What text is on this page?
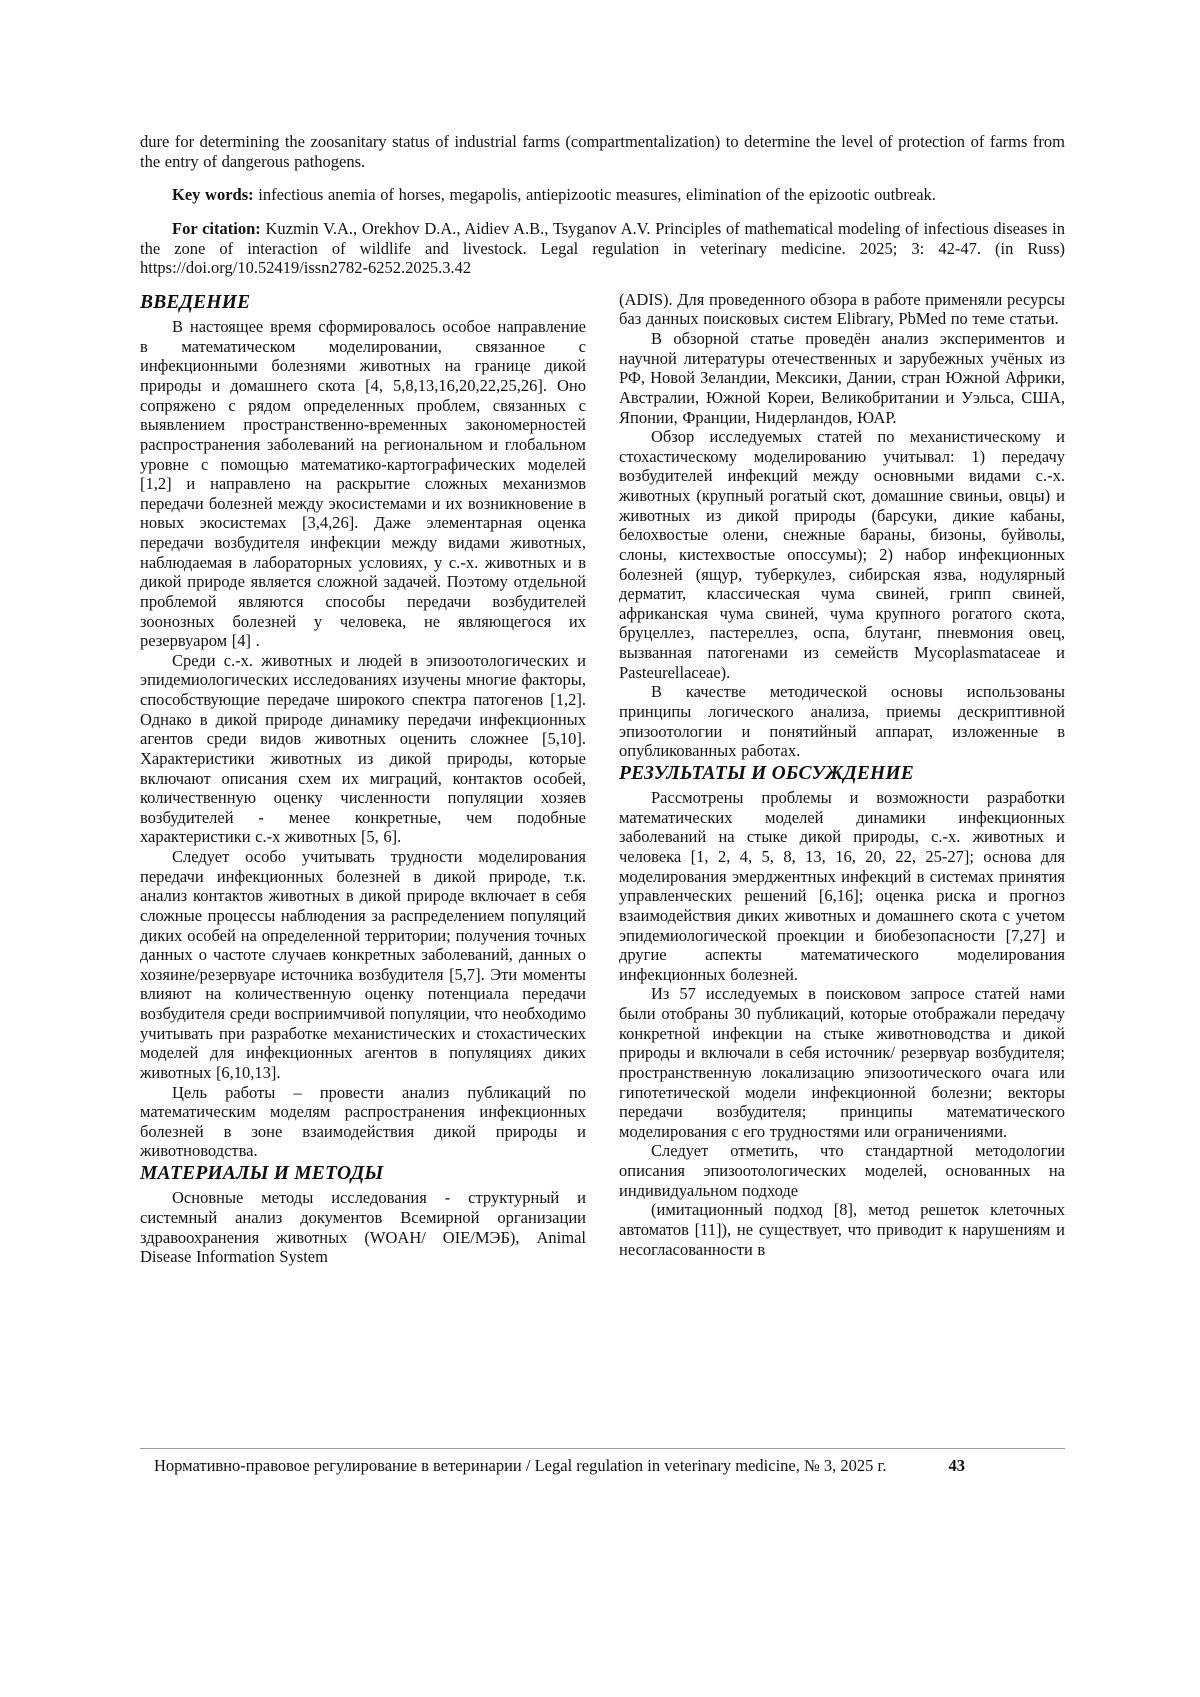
dure for determining the zoosanitary status of industrial farms (compartmentalization) to determine the level of protection of farms from the entry of dangerous pathogens.

Key words: infectious anemia of horses, megapolis, antiepizootic measures, elimination of the epizootic outbreak.

For citation: Kuzmin V.A., Orekhov D.A., Aidiev A.B., Tsyganov A.V. Principles of mathematical modeling of infectious diseases in the zone of interaction of wildlife and livestock. Legal regulation in veterinary medicine. 2025; 3: 42-47. (in Russ) https://doi.org/10.52419/issn2782-6252.2025.3.42

ВВЕДЕНИЕ

В настоящее время сформировалось особое направление в математическом моделировании, связанное с инфекционными болезнями животных на границе дикой природы и домашнего скота [4, 5,8,13,16,20,22,25,26]. Оно сопряжено с рядом определенных проблем, связанных с выявлением пространственно-временных закономерностей распространения заболеваний на региональном и глобальном уровне с помощью математико-картографических моделей [1,2] и направлено на раскрытие сложных механизмов передачи болезней между экосистемами и их возникновение в новых экосистемах [3,4,26]. Даже элементарная оценка передачи возбудителя инфекции между видами животных, наблюдаемая в лабораторных условиях, у с.-х. животных и в дикой природе является сложной задачей. Поэтому отдельной проблемой являются способы передачи возбудителей зоонозных болезней у человека, не являющегося их резервуаром [4] .

Среди с.-х. животных и людей в эпизоотологических и эпидемиологических исследованиях изучены многие факторы, способствующие передаче широкого спектра патогенов [1,2]. Однако в дикой природе динамику передачи инфекционных агентов среди видов животных оценить сложнее [5,10]. Характеристики животных из дикой природы, которые включают описания схем их миграций, контактов особей, количественную оценку численности популяции хозяев возбудителей - менее конкретные, чем подобные характеристики с.-х животных [5, 6].

Следует особо учитывать трудности моделирования передачи инфекционных болезней в дикой природе, т.к. анализ контактов животных в дикой природе включает в себя сложные процессы наблюдения за распределением популяций диких особей на определенной территории; получения точных данных о частоте случаев конкретных заболеваний, данных о хозяине/резервуаре источника возбудителя [5,7]. Эти моменты влияют на количественную оценку потенциала передачи возбудителя среди восприимчивой популяции, что необходимо учитывать при разработке механистических и стохастических моделей для инфекционных агентов в популяциях диких животных [6,10,13].

Цель работы – провести анализ публикаций по математическим моделям распространения инфекционных болезней в зоне взаимодействия дикой природы и животноводства.

МАТЕРИАЛЫ И МЕТОДЫ

Основные методы исследования - структурный и системный анализ документов Всемирной организации здравоохранения животных (WOAH/ OIE/МЭБ), Animal Disease Information System

(ADIS). Для проведенного обзора в работе применяли ресурсы баз данных поисковых систем Elibrary, PbMed по теме статьи.

В обзорной статье проведён анализ экспериментов и научной литературы отечественных и зарубежных учёных из РФ, Новой Зеландии, Мексики, Дании, стран Южной Африки, Австралии, Южной Кореи, Великобритании и Уэльса, США, Японии, Франции, Нидерландов, ЮАР.

Обзор исследуемых статей по механистическому и стохастическому моделированию учитывал: 1) передачу возбудителей инфекций между основными видами с.-х. животных (крупный рогатый скот, домашние свиньи, овцы) и животных из дикой природы (барсуки, дикие кабаны, белохвостые олени, снежные бараны, бизоны, буйволы, слоны, кистехвостые опоссумы); 2) набор инфекционных болезней (ящур, туберкулез, сибирская язва, нодулярный дерматит, классическая чума свиней, грипп свиней, африканская чума свиней, чума крупного рогатого скота, бруцеллез, пастереллез, оспа, блутанг, пневмония овец, вызванная патогенами из семейств Mycoplasmataceae и Pasteurellaceae).

В качестве методической основы использованы принципы логического анализа, приемы дескриптивной эпизоотологии и понятийный аппарат, изложенные в опубликованных работах.

РЕЗУЛЬТАТЫ И ОБСУЖДЕНИЕ

Рассмотрены проблемы и возможности разработки математических моделей динамики инфекционных заболеваний на стыке дикой природы, с.-х. животных и человека [1, 2, 4, 5, 8, 13, 16, 20, 22, 25-27]; основа для моделирования эмерджентных инфекций в системах принятия управленческих решений [6,16]; оценка риска и прогноз взаимодействия диких животных и домашнего скота с учетом эпидемиологической проекции и биобезопасности [7,27] и другие аспекты математического моделирования инфекционных болезней.

Из 57 исследуемых в поисковом запросе статей нами были отобраны 30 публикаций, которые отображали передачу конкретной инфекции на стыке животноводства и дикой природы и включали в себя источник/ резервуар возбудителя; пространственную локализацию эпизоотического очага или гипотетической модели инфекционной болезни; векторы передачи возбудителя; принципы математического моделирования с его трудностями или ограничениями.

Следует отметить, что стандартной методологии описания эпизоотологических моделей, основанных на индивидуальном подходе

(имитационный подход [8], метод решеток клеточных автоматов [11]), не существует, что приводит к нарушениям и несогласованности в

Нормативно-правовое регулирование в ветеринарии / Legal regulation in veterinary medicine, № 3, 2025 г.	43
